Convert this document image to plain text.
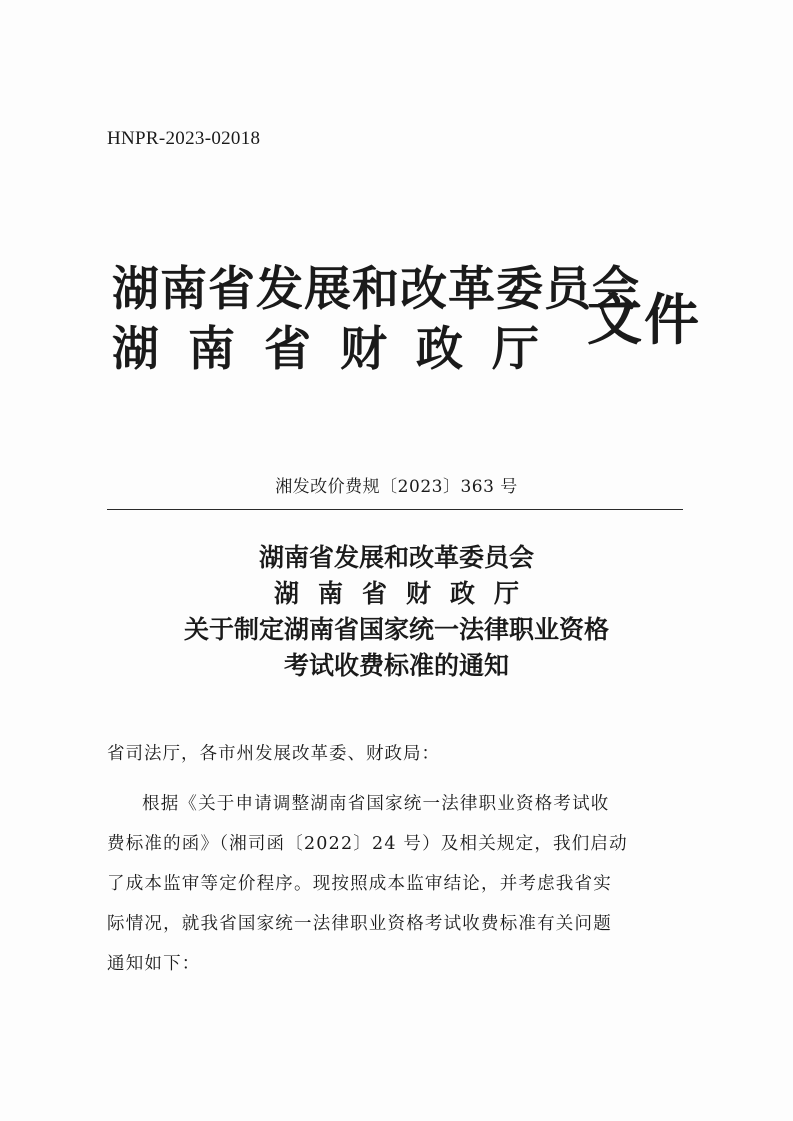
HNPR-2023-02018
湖南省发展和改革委员会
湖南省财政厅 文件
湘发改价费规〔2023〕363 号
湖南省发展和改革委员会
湖南省财政厅
关于制定湖南省国家统一法律职业资格
考试收费标准的通知
省司法厅，各市州发展改革委、财政局：
根据《关于申请调整湖南省国家统一法律职业资格考试收
费标准的函》（湘司函〔2022〕24 号）及相关规定，我们启动
了成本监审等定价程序。现按照成本监审结论，并考虑我省实
际情况，就我省国家统一法律职业资格考试收费标准有关问题
通知如下：
